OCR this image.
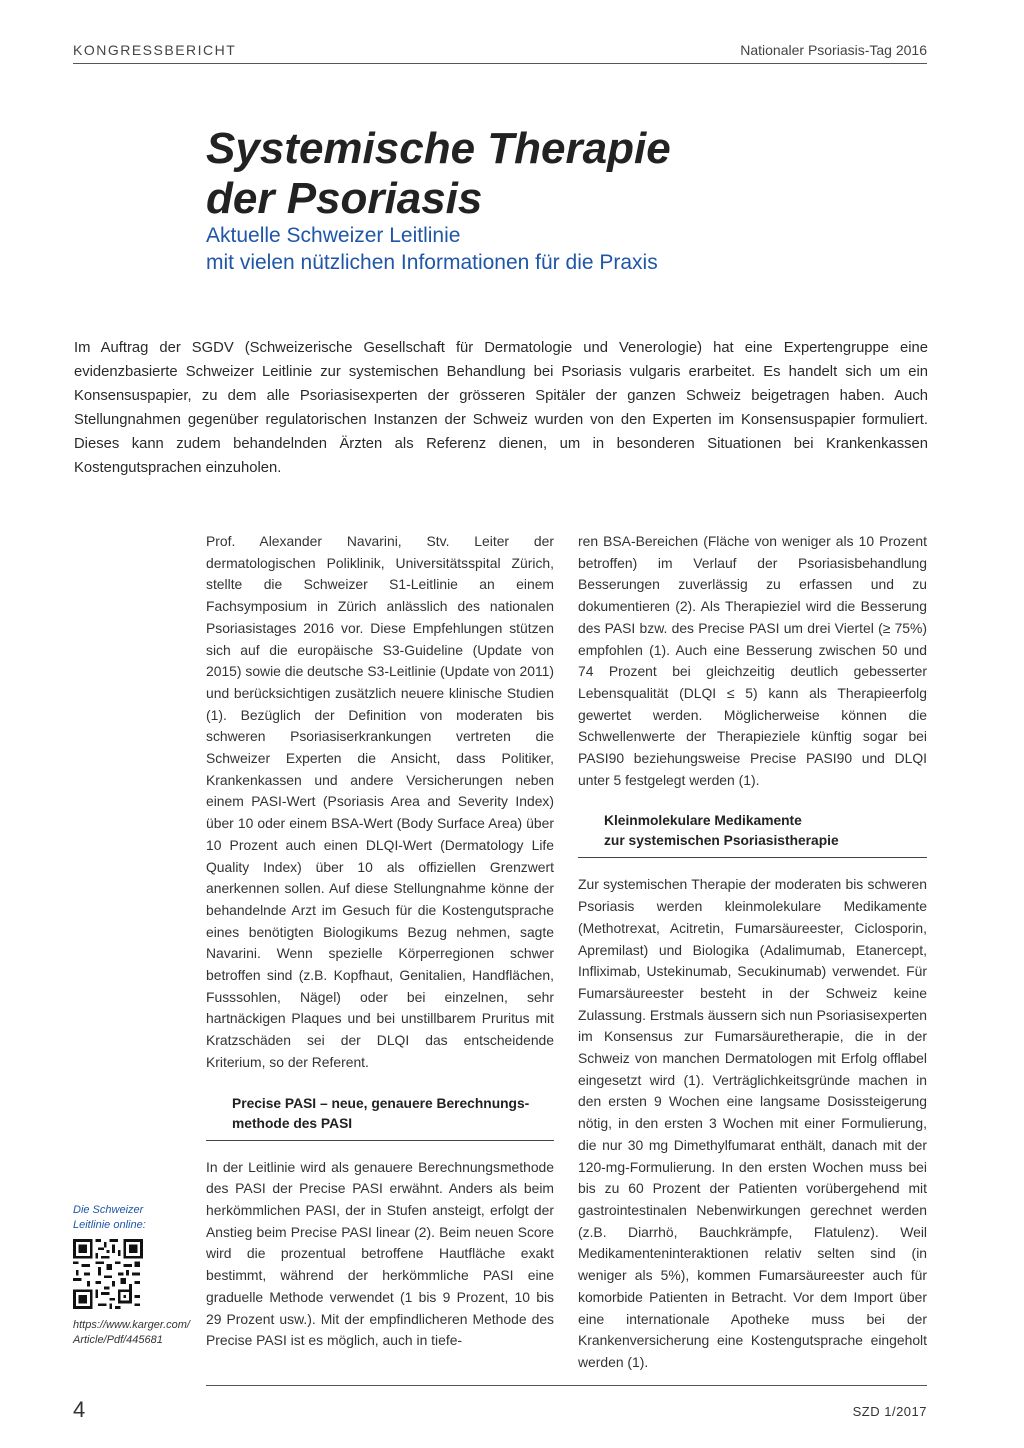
KONGRESSBERICHT	Nationaler Psoriasis-Tag 2016
Systemische Therapie
der Psoriasis
Aktuelle Schweizer Leitlinie
mit vielen nützlichen Informationen für die Praxis

Im Auftrag der SGDV (Schweizerische Gesellschaft für Dermatologie und Venerologie) hat eine Expertengruppe eine evidenzbasierte Schweizer Leitlinie zur systemischen Behandlung bei Psoriasis vulgaris erarbeitet. Es handelt sich um ein Konsensuspapier, zu dem alle Psoriasisexperten der grösseren Spitäler der ganzen Schweiz beigetragen haben. Auch Stellungnahmen gegenüber regulatorischen Instanzen der Schweiz wurden von den Experten im Konsensuspapier formuliert. Dieses kann zudem behandelnden Ärzten als Referenz dienen, um in besonderen Situationen bei Krankenkassen Kostengutsprachen einzuholen.

Prof. Alexander Navarini, Stv. Leiter der dermatologischen Poliklinik, Universitätsspital Zürich, stellte die Schweizer S1-Leitlinie an einem Fachsymposium in Zürich anlässlich des nationalen Psoriasistages 2016 vor. Diese Empfehlungen stützen sich auf die europäische S3-Guideline (Update von 2015) sowie die deutsche S3-Leitlinie (Update von 2011) und berücksichtigen zusätzlich neuere klinische Studien (1). Bezüglich der Definition von moderaten bis schweren Psoriasiserkrankungen vertreten die Schweizer Experten die Ansicht, dass Politiker, Krankenkassen und andere Versicherungen neben einem PASI-Wert (Psoriasis Area and Severity Index) über 10 oder einem BSA-Wert (Body Surface Area) über 10 Prozent auch einen DLQI-Wert (Dermatology Life Quality Index) über 10 als offiziellen Grenzwert anerkennen sollen. Auf diese Stellungnahme könne der behandelnde Arzt im Gesuch für die Kostengutsprache eines benötigten Biologikums Bezug nehmen, sagte Navarini. Wenn spezielle Körperregionen schwer betroffen sind (z.B. Kopfhaut, Genitalien, Handflächen, Fusssohlen, Nägel) oder bei einzelnen, sehr hartnäckigen Plaques und bei unstillbarem Pruritus mit Kratzschäden sei der DLQI das entscheidende Kriterium, so der Referent.

Precise PASI – neue, genauere Berechnungs-
methode des PASI

In der Leitlinie wird als genauere Berechnungsmethode des PASI der Precise PASI erwähnt. Anders als beim herkömmlichen PASI, der in Stufen ansteigt, erfolgt der Anstieg beim Precise PASI linear (2). Beim neuen Score wird die prozentual betroffene Hautfläche exakt bestimmt, während der herkömmliche PASI eine graduelle Methode verwendet (1 bis 9 Prozent, 10 bis 29 Prozent usw.). Mit der empfindlicheren Methode des Precise PASI ist es möglich, auch in tiefe-

ren BSA-Bereichen (Fläche von weniger als 10 Prozent betroffen) im Verlauf der Psoriasisbehandlung Besserungen zuverlässig zu erfassen und zu dokumentieren (2). Als Therapieziel wird die Besserung des PASI bzw. des Precise PASI um drei Viertel (≥ 75%) empfohlen (1). Auch eine Besserung zwischen 50 und 74 Prozent bei gleichzeitig deutlich gebesserter Lebensqualität (DLQI ≤ 5) kann als Therapieerfolg gewertet werden. Möglicherweise können die Schwellenwerte der Therapieziele künftig sogar bei PASI90 beziehungsweise Precise PASI90 und DLQI unter 5 festgelegt werden (1).

Kleinmolekulare Medikamente
zur systemischen Psoriasistherapie

Zur systemischen Therapie der moderaten bis schweren Psoriasis werden kleinmolekulare Medikamente (Methotrexat, Acitretin, Fumarsäureester, Ciclosporin, Apremilast) und Biologika (Adalimumab, Etanercept, Infliximab, Ustekinumab, Secukinumab) verwendet. Für Fumarsäureester besteht in der Schweiz keine Zulassung. Erstmals äussern sich nun Psoriasisexperten im Konsensus zur Fumarsäuretherapie, die in der Schweiz von manchen Dermatologen mit Erfolg offlabel eingesetzt wird (1). Verträglichkeitsgründe machen in den ersten 9 Wochen eine langsame Dosissteigerung nötig, in den ersten 3 Wochen mit einer Formulierung, die nur 30 mg Dimethylfumarat enthält, danach mit der 120-mg-Formulierung. In den ersten Wochen muss bei bis zu 60 Prozent der Patienten vorübergehend mit gastrointestinalen Nebenwirkungen gerechnet werden (z.B. Diarrhö, Bauchkrämpfe, Flatulenz). Weil Medikamenteninteraktionen relativ selten sind (in weniger als 5%), kommen Fumarsäureester auch für komorbide Patienten in Betracht. Vor dem Import über eine internationale Apotheke muss bei der Krankenversicherung eine Kostengutsprache eingeholt werden (1).

Die Schweizer
Leitlinie online:
https://www.karger.com/
Article/Pdf/445681
4	SZD 1/2017
